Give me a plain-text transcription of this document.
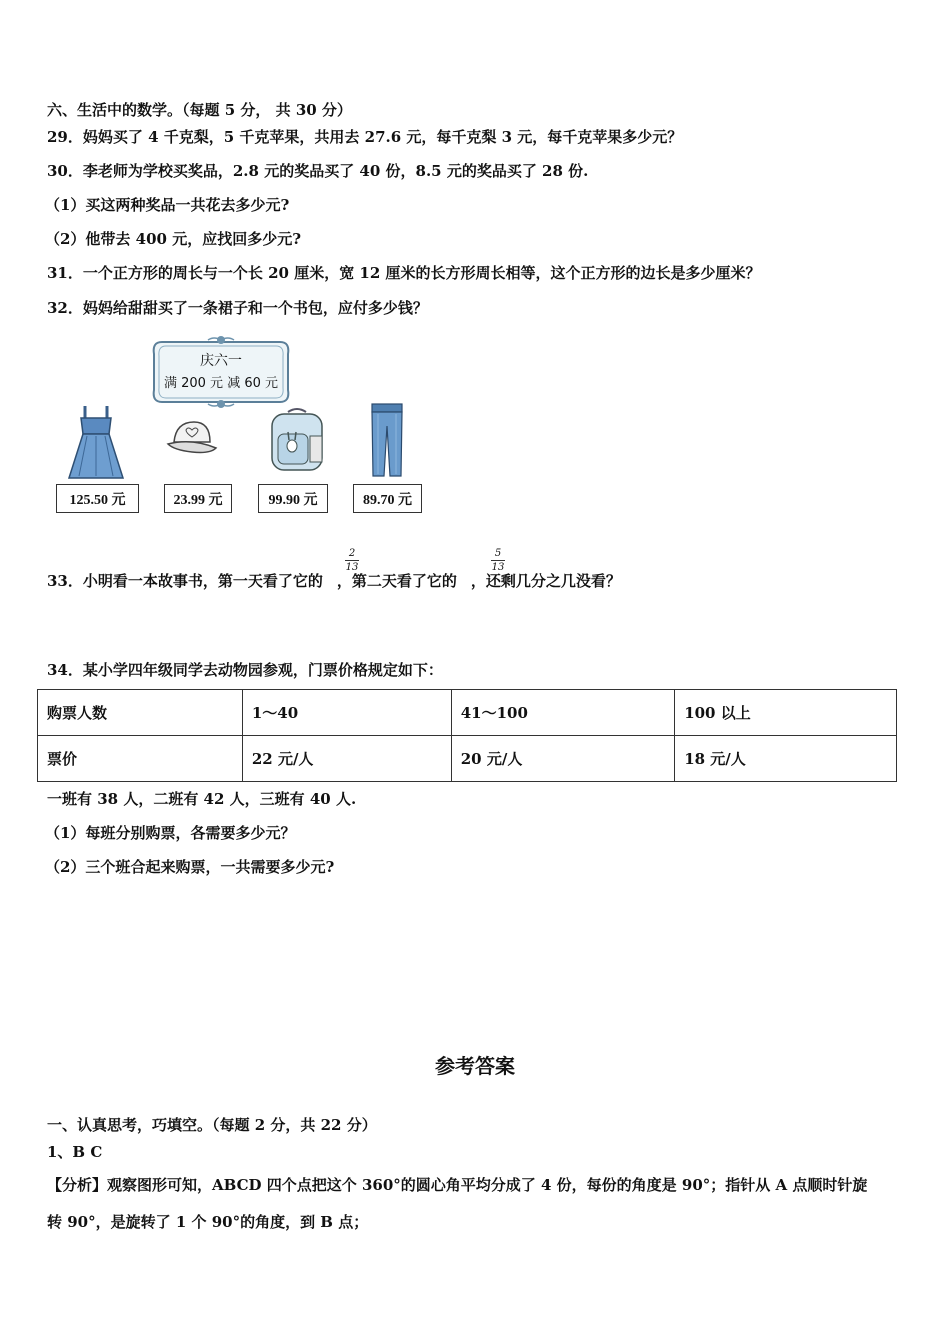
六、生活中的数学。（每题 5 分， 共 30 分）
29．妈妈买了 4 千克梨，5 千克苹果，共用去 27.6 元，每千克梨 3 元，每千克苹果多少元？
30．李老师为学校买奖品，2.8 元的奖品买了 40 份，8.5 元的奖品买了 28 份.
（1）买这两种奖品一共花去多少元?
（2）他带去 400 元，应找回多少元?
31．一个正方形的周长与一个长 20 厘米，宽 12 厘米的长方形周长相等，这个正方形的边长是多少厘米？
32．妈妈给甜甜买了一条裙子和一个书包，应付多少钱？
庆六一
满 200 元 减 60 元
125.50 元	23.99 元	99.90 元	89.70 元
33．小明看一本故事书，第一天看了它的 ，第二天看了它的 ，还剩几分之几没看？
2
13
5
13
34．某小学四年级同学去动物园参观，门票价格规定如下：
购票人数	1～40	41～100	100 以上
票价	22 元/人	20 元/人	18 元/人
一班有 38 人，二班有 42 人，三班有 40 人.
（1）每班分别购票，各需要多少元？
（2）三个班合起来购票，一共需要多少元?
参考答案
一、认真思考，巧填空。（每题 2 分，共 22 分）
1、B C
【分析】观察图形可知，ABCD 四个点把这个 360°的圆心角平均分成了 4 份，每份的角度是 90°；指针从 A 点顺时针旋
转 90°，是旋转了 1 个 90°的角度，到 B 点；
